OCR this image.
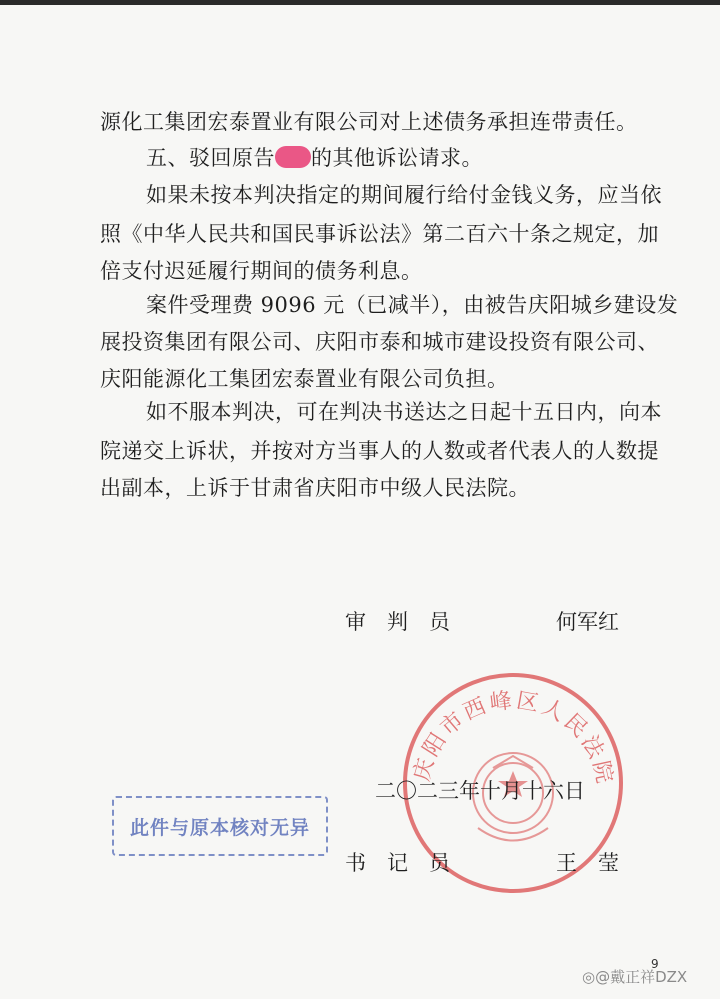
源化工集团宏泰置业有限公司对上述债务承担连带责任。
五、驳回原告 的其他诉讼请求。
如果未按本判决指定的期间履行给付金钱义务，应当依
照《中华人民共和国民事诉讼法》第二百六十条之规定，加
倍支付迟延履行期间的债务利息。
案件受理费 9096 元（已减半），由被告庆阳城乡建设发
展投资集团有限公司、庆阳市泰和城市建设投资有限公司、
庆阳能源化工集团宏泰置业有限公司负担。
如不服本判决，可在判决书送达之日起十五日内，向本
院递交上诉状，并按对方当事人的人数或者代表人的人数提
出副本，上诉于甘肃省庆阳市中级人民法院。
庆阳市西峰区人民法院
审　判　员	何军红
二〇二三年十月十六日
此件与原本核对无异
书　记　员	王　莹
9
◎@戴正祥DZX
